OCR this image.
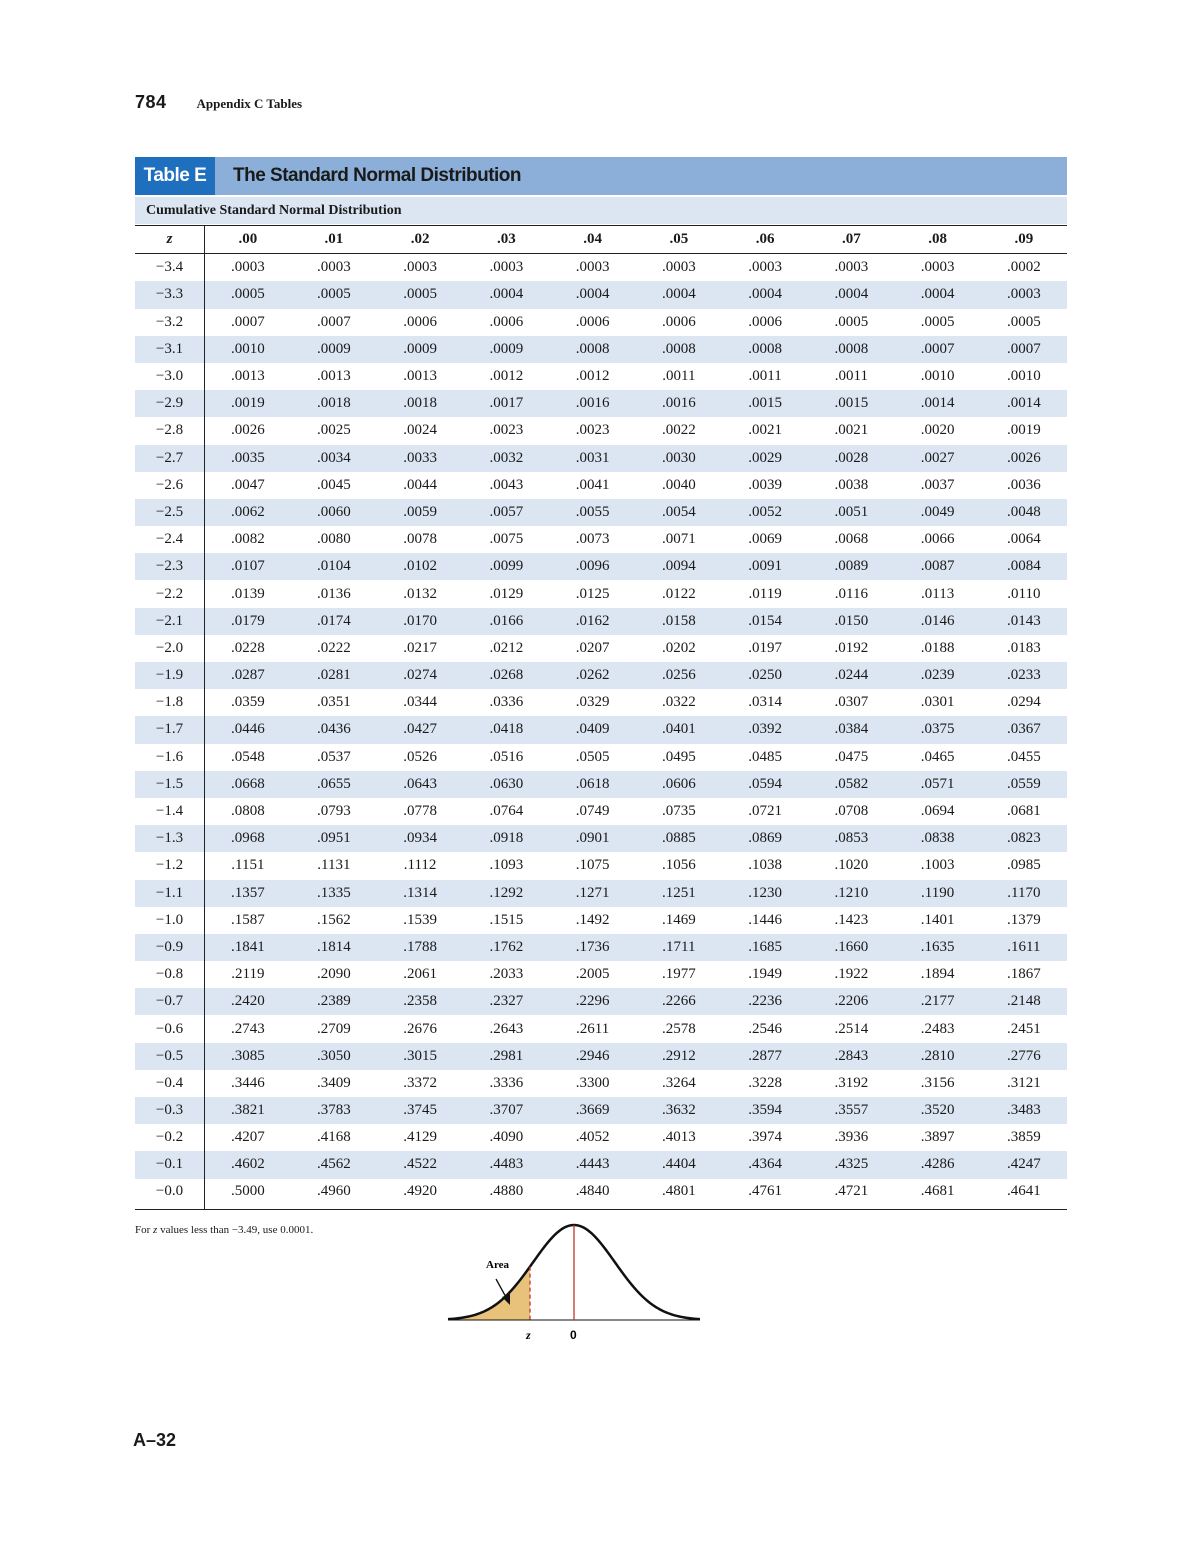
784 Appendix C Tables
Table E	The Standard Normal Distribution
Cumulative Standard Normal Distribution
z	.00	.01	.02	.03	.04	.05	.06	.07	.08	.09
−3.4	.0003	.0003	.0003	.0003	.0003	.0003	.0003	.0003	.0003	.0002
−3.3	.0005	.0005	.0005	.0004	.0004	.0004	.0004	.0004	.0004	.0003
−3.2	.0007	.0007	.0006	.0006	.0006	.0006	.0006	.0005	.0005	.0005
−3.1	.0010	.0009	.0009	.0009	.0008	.0008	.0008	.0008	.0007	.0007
−3.0	.0013	.0013	.0013	.0012	.0012	.0011	.0011	.0011	.0010	.0010
−2.9	.0019	.0018	.0018	.0017	.0016	.0016	.0015	.0015	.0014	.0014
−2.8	.0026	.0025	.0024	.0023	.0023	.0022	.0021	.0021	.0020	.0019
−2.7	.0035	.0034	.0033	.0032	.0031	.0030	.0029	.0028	.0027	.0026
−2.6	.0047	.0045	.0044	.0043	.0041	.0040	.0039	.0038	.0037	.0036
−2.5	.0062	.0060	.0059	.0057	.0055	.0054	.0052	.0051	.0049	.0048
−2.4	.0082	.0080	.0078	.0075	.0073	.0071	.0069	.0068	.0066	.0064
−2.3	.0107	.0104	.0102	.0099	.0096	.0094	.0091	.0089	.0087	.0084
−2.2	.0139	.0136	.0132	.0129	.0125	.0122	.0119	.0116	.0113	.0110
−2.1	.0179	.0174	.0170	.0166	.0162	.0158	.0154	.0150	.0146	.0143
−2.0	.0228	.0222	.0217	.0212	.0207	.0202	.0197	.0192	.0188	.0183
−1.9	.0287	.0281	.0274	.0268	.0262	.0256	.0250	.0244	.0239	.0233
−1.8	.0359	.0351	.0344	.0336	.0329	.0322	.0314	.0307	.0301	.0294
−1.7	.0446	.0436	.0427	.0418	.0409	.0401	.0392	.0384	.0375	.0367
−1.6	.0548	.0537	.0526	.0516	.0505	.0495	.0485	.0475	.0465	.0455
−1.5	.0668	.0655	.0643	.0630	.0618	.0606	.0594	.0582	.0571	.0559
−1.4	.0808	.0793	.0778	.0764	.0749	.0735	.0721	.0708	.0694	.0681
−1.3	.0968	.0951	.0934	.0918	.0901	.0885	.0869	.0853	.0838	.0823
−1.2	.1151	.1131	.1112	.1093	.1075	.1056	.1038	.1020	.1003	.0985
−1.1	.1357	.1335	.1314	.1292	.1271	.1251	.1230	.1210	.1190	.1170
−1.0	.1587	.1562	.1539	.1515	.1492	.1469	.1446	.1423	.1401	.1379
−0.9	.1841	.1814	.1788	.1762	.1736	.1711	.1685	.1660	.1635	.1611
−0.8	.2119	.2090	.2061	.2033	.2005	.1977	.1949	.1922	.1894	.1867
−0.7	.2420	.2389	.2358	.2327	.2296	.2266	.2236	.2206	.2177	.2148
−0.6	.2743	.2709	.2676	.2643	.2611	.2578	.2546	.2514	.2483	.2451
−0.5	.3085	.3050	.3015	.2981	.2946	.2912	.2877	.2843	.2810	.2776
−0.4	.3446	.3409	.3372	.3336	.3300	.3264	.3228	.3192	.3156	.3121
−0.3	.3821	.3783	.3745	.3707	.3669	.3632	.3594	.3557	.3520	.3483
−0.2	.4207	.4168	.4129	.4090	.4052	.4013	.3974	.3936	.3897	.3859
−0.1	.4602	.4562	.4522	.4483	.4443	.4404	.4364	.4325	.4286	.4247
−0.0	.5000	.4960	.4920	.4880	.4840	.4801	.4761	.4721	.4681	.4641
For z values less than −3.49, use 0.0001.
Area
z	0
A–32
